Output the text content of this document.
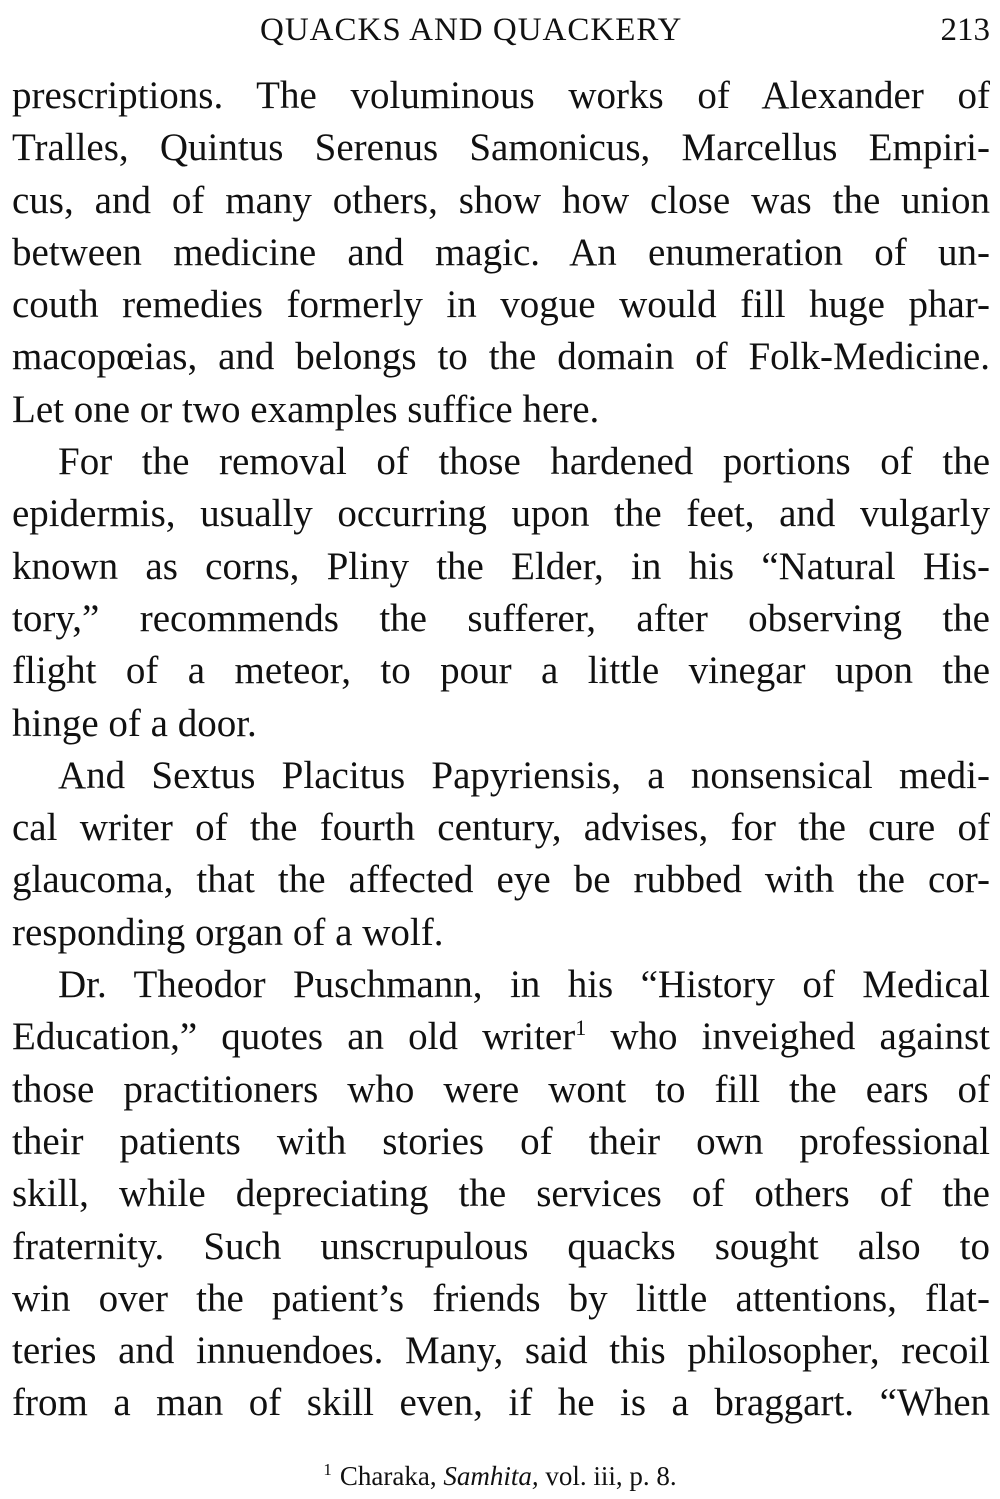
QUACKS AND QUACKERY	213
prescriptions. The voluminous works of Alexander of
Tralles, Quintus Serenus Samonicus, Marcellus Empiri-
cus, and of many others, show how close was the union
between medicine and magic. An enumeration of un-
couth remedies formerly in vogue would fill huge phar-
macopœias, and belongs to the domain of Folk-Medicine.
Let one or two examples suffice here.
For the removal of those hardened portions of the
epidermis, usually occurring upon the feet, and vulgarly
known as corns, Pliny the Elder, in his “Natural His-
tory,” recommends the sufferer, after observing the
flight of a meteor, to pour a little vinegar upon the
hinge of a door.
And Sextus Placitus Papyriensis, a nonsensical medi-
cal writer of the fourth century, advises, for the cure of
glaucoma, that the affected eye be rubbed with the cor-
responding organ of a wolf.
Dr. Theodor Puschmann, in his “History of Medical
Education,” quotes an old writer$^1$ who inveighed against
those practitioners who were wont to fill the ears of
their patients with stories of their own professional
skill, while depreciating the services of others of the
fraternity. Such unscrupulous quacks sought also to
win over the patient’s friends by little attentions, flat-
teries and innuendoes. Many, said this philosopher, recoil
from a man of skill even, if he is a braggart. “When
$^1$ Charaka, Samhita, vol. iii, p. 8.
